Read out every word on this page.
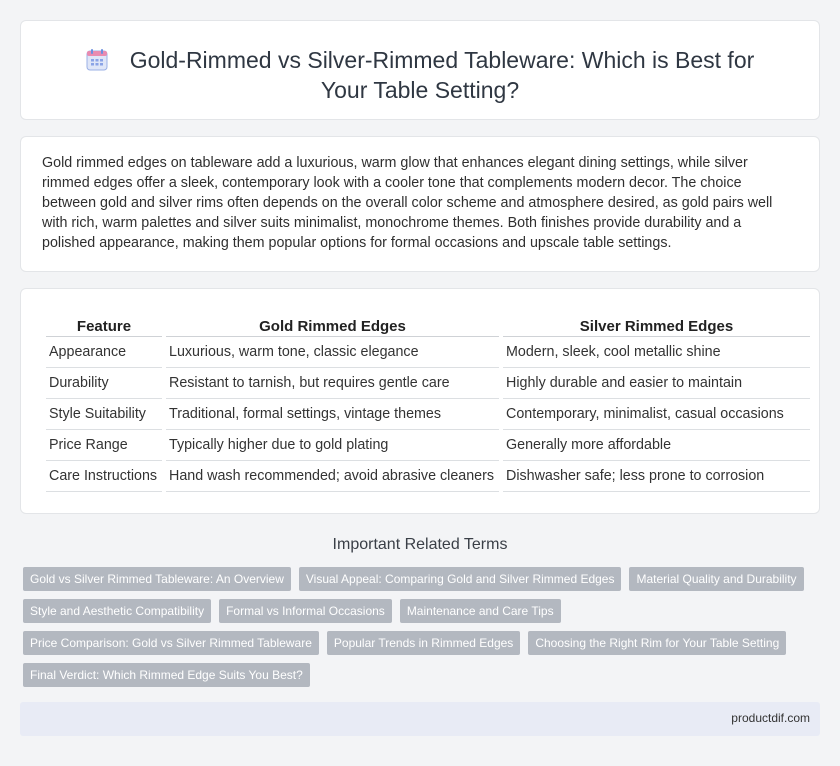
Gold-Rimmed vs Silver-Rimmed Tableware: Which is Best for Your Table Setting?

Gold rimmed edges on tableware add a luxurious, warm glow that enhances elegant dining settings, while silver rimmed edges offer a sleek, contemporary look with a cooler tone that complements modern decor. The choice between gold and silver rims often depends on the overall color scheme and atmosphere desired, as gold pairs well with rich, warm palettes and silver suits minimalist, monochrome themes. Both finishes provide durability and a polished appearance, making them popular options for formal occasions and upscale table settings.

Feature	Gold Rimmed Edges	Silver Rimmed Edges
Appearance	Luxurious, warm tone, classic elegance	Modern, sleek, cool metallic shine
Durability	Resistant to tarnish, but requires gentle care	Highly durable and easier to maintain
Style Suitability	Traditional, formal settings, vintage themes	Contemporary, minimalist, casual occasions
Price Range	Typically higher due to gold plating	Generally more affordable
Care Instructions	Hand wash recommended; avoid abrasive cleaners	Dishwasher safe; less prone to corrosion
Important Related Terms
Gold vs Silver Rimmed Tableware: An Overview	Visual Appeal: Comparing Gold and Silver Rimmed Edges	Material Quality and Durability
Style and Aesthetic Compatibility	Formal vs Informal Occasions	Maintenance and Care Tips
Price Comparison: Gold vs Silver Rimmed Tableware	Popular Trends in Rimmed Edges	Choosing the Right Rim for Your Table Setting
Final Verdict: Which Rimmed Edge Suits You Best?
productdif.com
